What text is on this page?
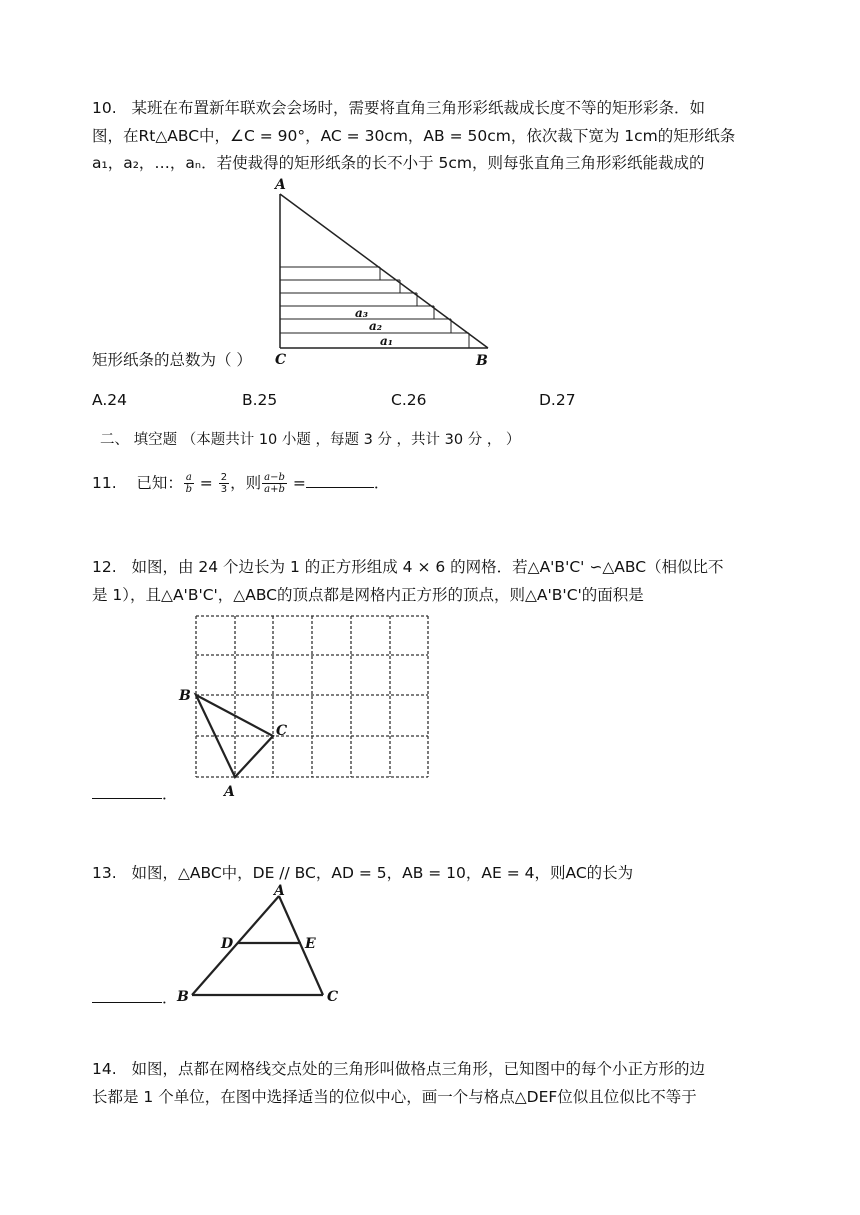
10. 某班在布置新年联欢会会场时，需要将直角三角形彩纸裁成长度不等的矩形彩条．如
图，在Rt△ABC中，∠C = 90°，AC = 30cm，AB = 50cm，依次裁下宽为 1cm的矩形纸条
a₁，a₂，…，aₙ．若使裁得的矩形纸条的长不小于 5cm，则每张直角三角形彩纸能裁成的
A
C	B
a₃
a₂
a₁
矩形纸条的总数为（ ）
A.24	B.25	C.26	D.27
二、 填空题 （本题共计 10 小题 ，每题 3 分 ，共计 30 分 ， ）
11. 已知： $\frac{a}{b} = \frac{2}{3}$ ，则 $\frac{a-b}{a+b}$ =	．
12. 如图，由 24 个边长为 1 的正方形组成 4 × 6 的网格．若△A'B'C' ∽△ABC（相似比不
是 1），且△A'B'C'，△ABC的顶点都是网格内正方形的顶点，则△A'B'C'的面积是
B
C
A
．
13. 如图，△ABC中，DE // BC，AD = 5，AB = 10，AE = 4，则AC的长为
A
D	E
B	C
．
14. 如图，点都在网格线交点处的三角形叫做格点三角形，已知图中的每个小正方形的边
长都是 1 个单位，在图中选择适当的位似中心，画一个与格点△DEF位似且位似比不等于
